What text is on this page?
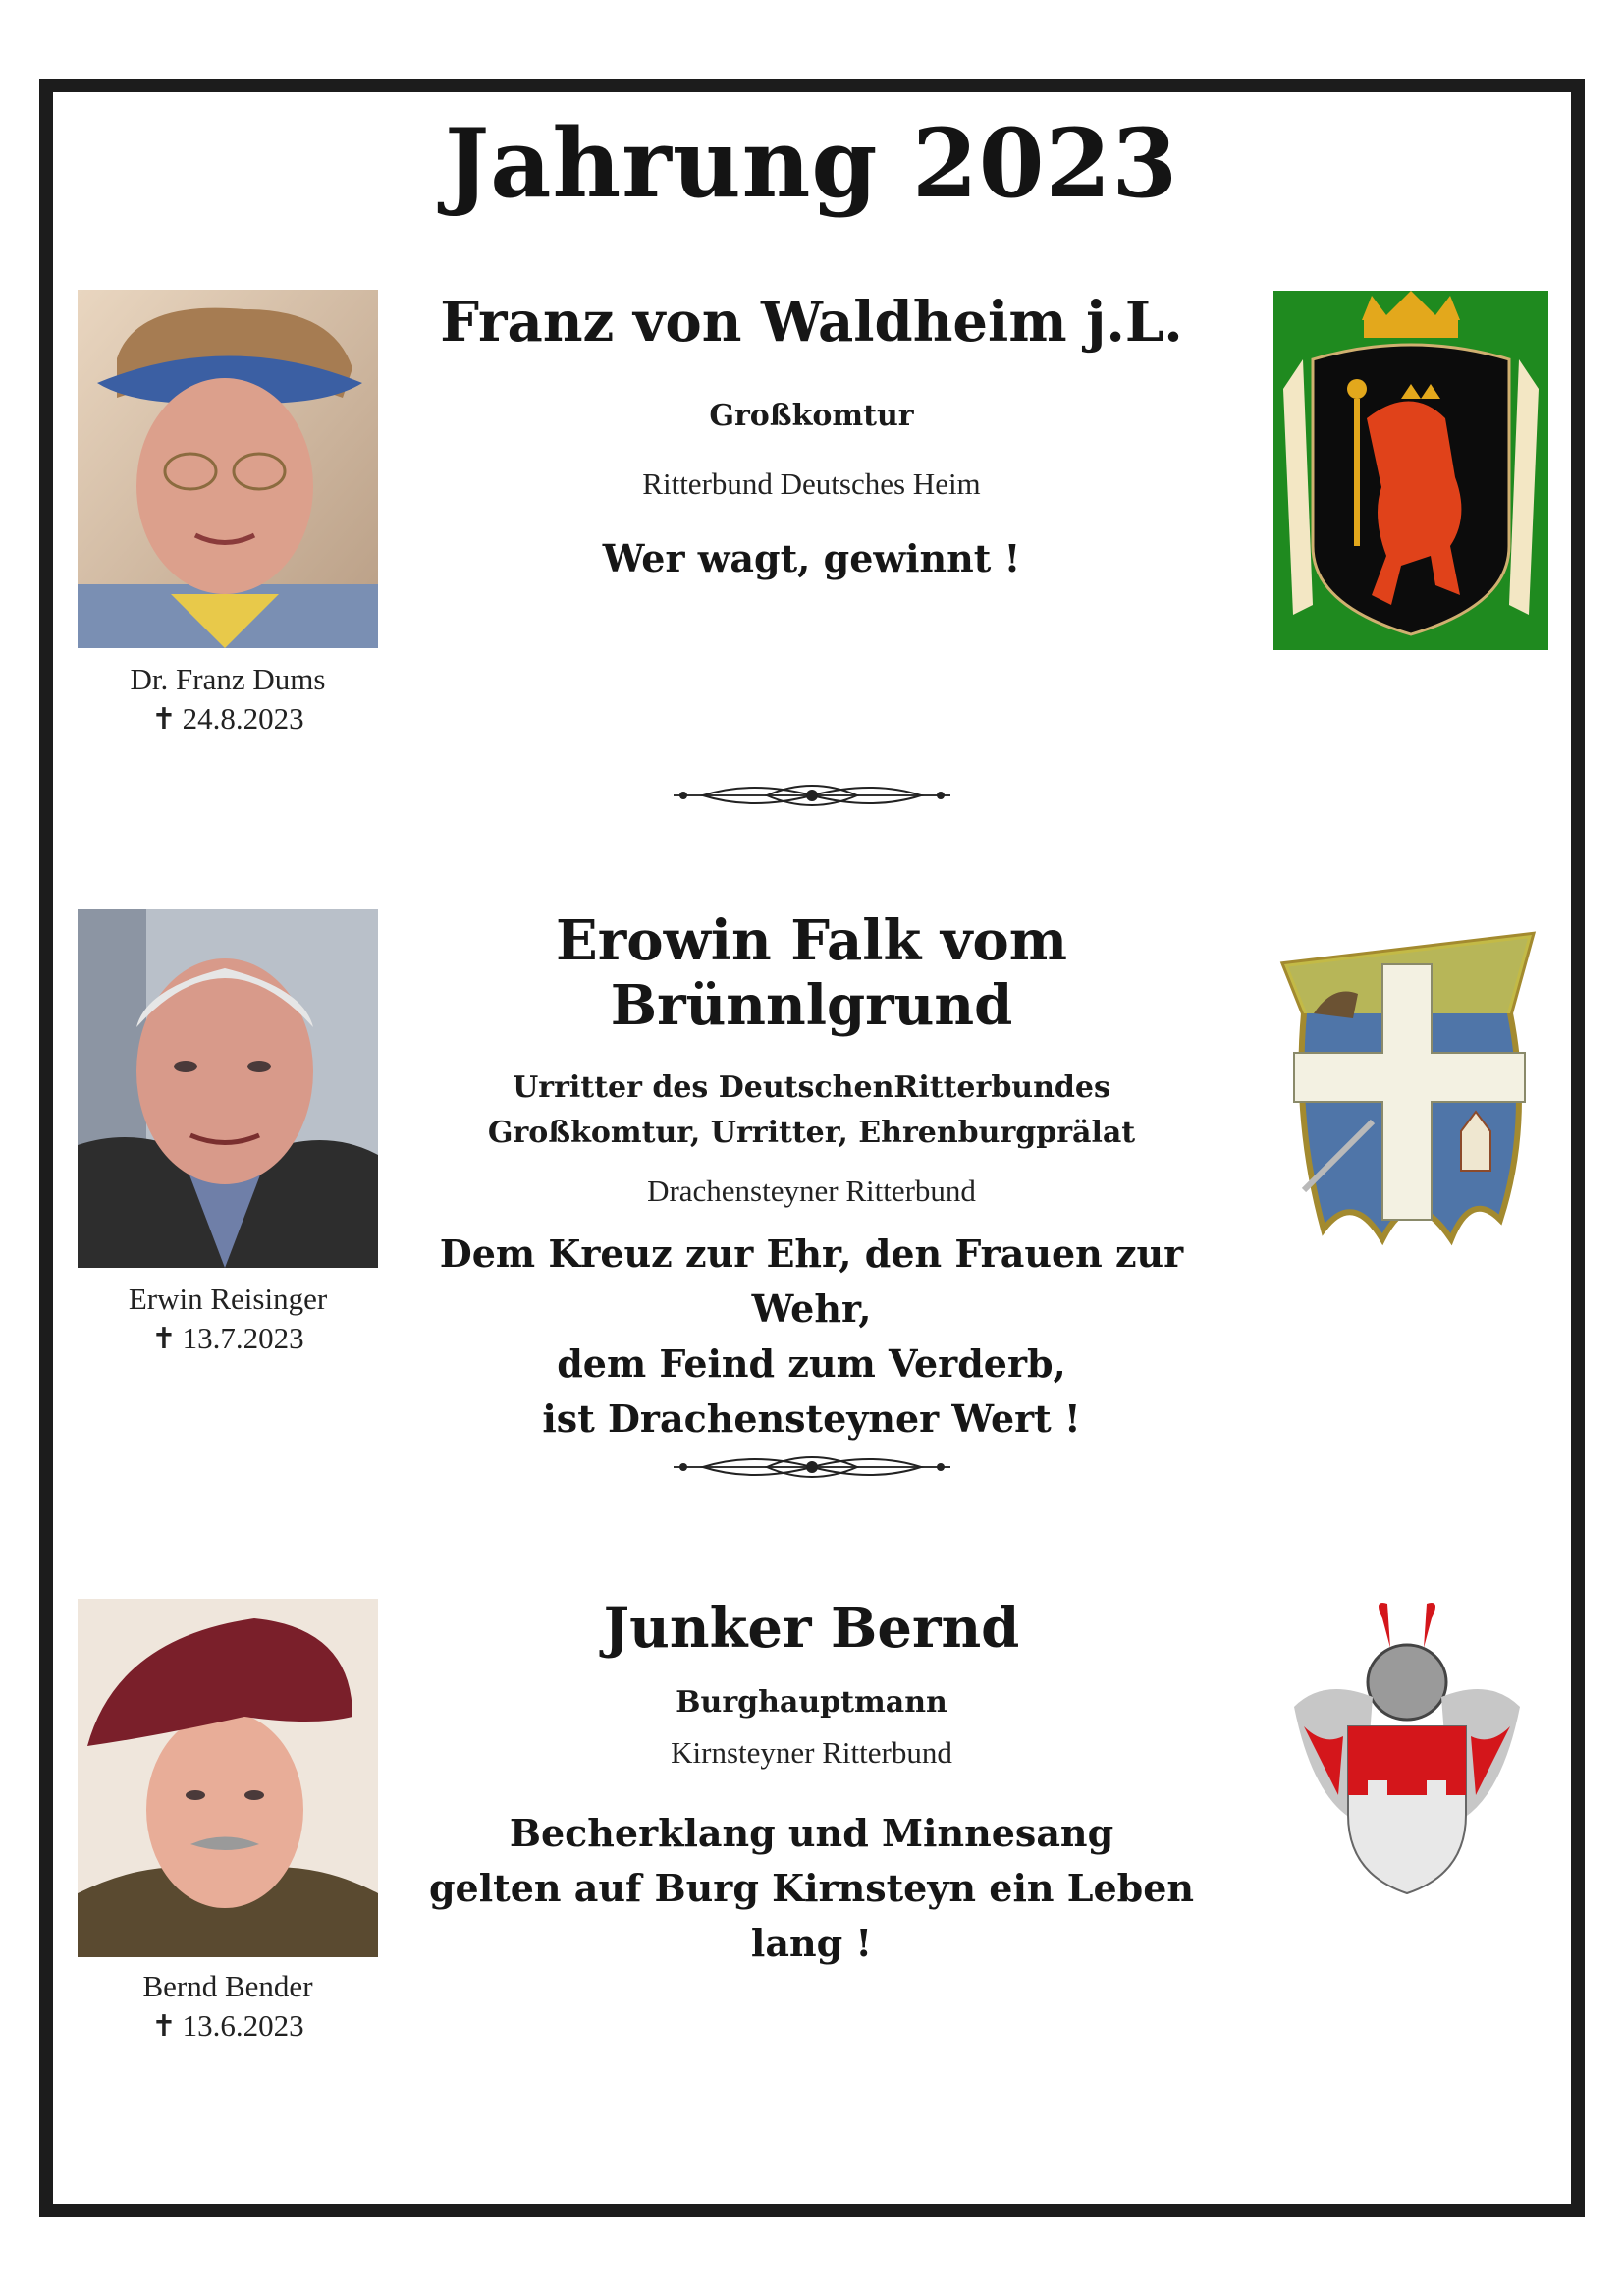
Jahrung 2023
Dr. Franz Dums
✝ 24.8.2023
Franz von Waldheim j.L.
Großkomtur
Ritterbund Deutsches Heim
Wer wagt, gewinnt !
Erwin Reisinger
✝ 13.7.2023
Erowin Falk vom Brünnlgrund
Urritter des DeutschenRitterbundes
Großkomtur, Urritter, Ehrenburgprälat
Drachensteyner Ritterbund
Dem Kreuz zur Ehr, den Frauen zur Wehr,
dem Feind zum Verderb,
ist Drachensteyner Wert !
Bernd Bender
✝ 13.6.2023
Junker Bernd
Burghauptmann
Kirnsteyner Ritterbund
Becherklang und Minnesang
gelten auf Burg Kirnsteyn ein Leben lang !
